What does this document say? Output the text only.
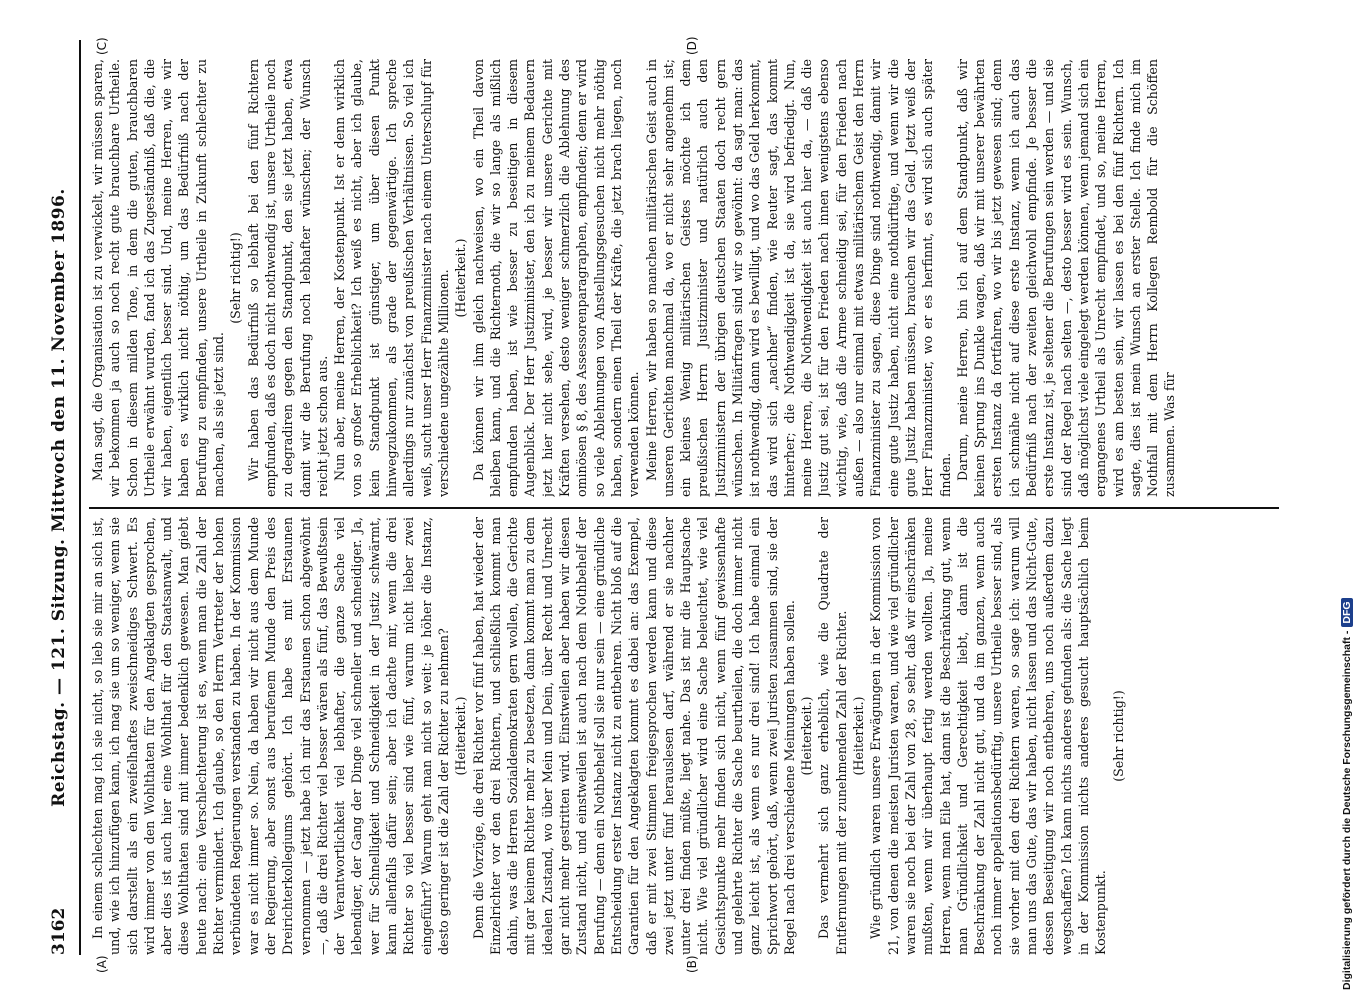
3162
Reichstag. — 121. Sitzung. Mittwoch den 11. November 1896.
(A)	(B)
(C)	(D)

In einem schlechten mag ich sie nicht, so lieb sie mir an sich ist, und, wie ich hinzufügen kann, ich mag sie um so weniger, wenn sie sich darstellt als ein zweifelhaftes zweischneidiges Schwert. Es wird immer von den Wohlthaten für den Angeklagten gesprochen, aber dies ist auch hier eine Wohlthat für den Staatsanwalt, und diese Wohlthaten sind mit immer bedenklich gewesen. Man giebt heute nach: eine Verschlechterung ist es, wenn man die Zahl der Richter vermindert. Ich glaube, so den Herrn Vertreter der hohen verbündeten Regierungen verstanden zu haben. In der Kommission war es nicht immer so. Nein, da haben wir nicht aus dem Munde der Regierung, aber sonst aus berufenem Munde den Preis des Dreirichterkollegiums gehört. Ich habe es mit Erstaunen vernommen — jetzt habe ich mir das Erstaunen schon abgewöhnt —, daß die drei Richter viel besser wären als fünf, das Bewußtsein der Verantwortlichkeit viel lebhafter, die ganze Sache viel lebendiger, der Gang der Dinge viel schneller und schneidiger. Ja, wer für Schnelligkeit und Schneidigkeit in der Justiz schwärmt, kann allenfalls dafür sein; aber ich dachte mir, wenn die drei Richter so viel besser sind wie fünf, warum nicht lieber zwei eingeführt? Warum geht man nicht so weit: je höher die Instanz, desto geringer ist die Zahl der Richter zu nehmen? (Heiterkeit.) Denn die Vorzüge, die drei Richter vor fünf haben, hat wieder der Einzelrichter vor den drei Richtern, und schließlich kommt man dahin, was die Herren Sozialdemokraten gern wollen, die Gerichte mit gar keinem Richter mehr zu besetzen, dann kommt man zu dem idealen Zustand, wo über Mein und Dein, über Recht und Unrecht gar nicht mehr gestritten wird. Einstweilen aber haben wir diesen Zustand nicht, und einstweilen ist auch nach dem Nothbehelf der Berufung — denn ein Nothbehelf soll sie nur sein — eine gründliche Entscheidung erster Instanz nicht zu entbehren. Nicht bloß auf die Garantien für den Angeklagten kommt es dabei an: das Exempel, daß er mit zwei Stimmen freigesprochen werden kann und diese zwei jetzt unter fünf herauslesen darf, während er sie nachher unter drei finden müßte, liegt nahe. Das ist mir die Hauptsache nicht. Wie viel gründlicher wird eine Sache beleuchtet, wie viel Gesichtspunkte mehr finden sich nicht, wenn fünf gewissenhafte und gelehrte Richter die Sache beurtheilen, die doch immer nicht ganz leicht ist, als wenn es nur drei sind! Ich habe einmal ein Sprichwort gehört, daß, wenn zwei Juristen zusammen sind, sie der Regel nach drei verschiedene Meinungen haben sollen. (Heiterkeit.) Das vermehrt sich ganz erheblich, wie die Quadrate der Entfernungen mit der zunehmenden Zahl der Richter. (Heiterkeit.) Wie gründlich waren unsere Erwägungen in der Kommission von 21, von denen die meisten Juristen waren, und wie viel gründlicher waren sie noch bei der Zahl von 28, so sehr, daß wir einschränken mußten, wenn wir überhaupt fertig werden wollten. Ja, meine Herren, wenn man Eile hat, dann ist die Beschränkung gut, wenn man Gründlichkeit und Gerechtigkeit liebt, dann ist die Beschränkung der Zahl nicht gut, und da im ganzen, wenn auch noch immer appellationsbedürftig, unsere Urtheile besser sind, als sie vorher mit den drei Richtern waren, so sage ich: warum will man uns das Gute, das wir haben, nicht lassen und das Nicht-Gute, dessen Beseitigung wir noch entbehren, uns noch außerdem dazu wegschaffen? Ich kann nichts anderes gefunden als: die Sache liegt in der Kommission nichts anderes gesucht hauptsächlich beim Kostenpunkt.

(Sehr richtig!)

Man sagt, die Organisation ist zu verwickelt, wir müssen sparen, wir bekommen ja auch so noch recht gute brauchbare Urtheile. Schon in diesem milden Tone, in dem die guten, brauchbaren Urtheile erwähnt wurden, fand ich das Zugeständniß, daß die, die wir haben, eigentlich besser sind. Und, meine Herren, wie wir haben es wirklich nicht nöthig, um das Bedürfniß nach der Berufung zu empfinden, unsere Urtheile in Zukunft schlechter zu machen, als sie jetzt sind.

(Sehr richtig!) Wir haben das Bedürfniß so lebhaft bei den fünf Richtern empfunden, daß es doch nicht nothwendig ist, unsere Urtheile noch zu degradiren gegen den Standpunkt, den sie jetzt haben, etwa damit wir die Berufung noch lebhafter wünschen; der Wunsch reicht jetzt schon aus. Nun aber, meine Herren, der Kostenpunkt. Ist er denn wirklich von so großer Erheblichkeit? Ich weiß es nicht, aber ich glaube, kein Standpunkt ist günstiger, um über diesen Punkt hinwegzukommen, als grade der gegenwärtige. Ich spreche allerdings nur zunächst von preußischen Verhältnissen. So viel ich weiß, sucht unser Herr Finanzminister nach einem Unterschlupf für verschiedene ungezählte Millionen. (Heiterkeit.) Da können wir ihm gleich nachweisen, wo ein Theil davon bleiben kann, und die Richternoth, die wir so lange als mißlich empfunden haben, ist wie besser zu beseitigen in diesem Augenblick. Der Herr Justizminister, den ich zu meinem Bedauern jetzt hier nicht sehe, wird, je besser wir unsere Gerichte mit Kräften versehen, desto weniger schmerzlich die Ablehnung des ominösen § 8, des Assessorenparagraphen, empfinden; denn er wird so viele Ablehnungen von Anstellungsgesuchen nicht mehr nöthig haben, sondern einen Theil der Kräfte, die jetzt brach liegen, noch verwenden können. Meine Herren, wir haben so manchen militärischen Geist auch in unseren Gerichten manchmal da, wo er nicht sehr angenehm ist; ein kleines Wenig militärischen Geistes möchte ich dem preußischen Herrn Justizminister und natürlich auch den Justizministern der übrigen deutschen Staaten doch recht gern wünschen. In Militärfragen sind wir so gewöhnt: da sagt man: das ist nothwendig, dann wird es bewilligt, und wo das Geld herkommt, das wird sich „nachher“ finden, wie Reuter sagt, das kommt hinterher; die Nothwendigkeit ist da, sie wird befriedigt. Nun, meine Herren, die Nothwendigkeit ist auch hier da, — daß die Justiz gut sei, ist für den Frieden nach innen wenigstens ebenso wichtig, wie, daß die Armee schneidig sei, für den Frieden nach außen — also nur einmal mit etwas militärischem Geist den Herrn Finanzminister zu sagen, diese Dinge sind nothwendig, damit wir eine gute Justiz haben, nicht eine nothdürftige, und wenn wir die gute Justiz haben müssen, brauchen wir das Geld. Jetzt weiß der Herr Finanzminister, wo er es herfinnt, es wird sich auch später finden. Darum, meine Herren, bin ich auf dem Standpunkt, daß wir keinen Sprung ins Dunkle wagen, daß wir mit unserer bewährten ersten Instanz da fortfahren, wo wir bis jetzt gewesen sind; denn ich schmähe nicht auf diese erste Instanz, wenn ich auch das Bedürfniß nach der zweiten gleichwohl empfinde. Je besser die erste Instanz ist, je seltener die Berufungen sein werden — und sie sind der Regel nach selten —, desto besser wird es sein. Wunsch, daß möglichst viele eingelegt werden können, wenn jemand sich ein ergangenes Urtheil als Unrecht empfindet, und so, meine Herren, wird es am besten sein, wir lassen es bei den fünf Richtern. Ich sagte, dies ist mein Wunsch an erster Stelle. Ich finde mich im Nothfall mit dem Herrn Kollegen Rembold für die Schöffen zusammen. Was für

Digitalisierung gefördert durch die Deutsche Forschungsgemeinschaft -DFG
